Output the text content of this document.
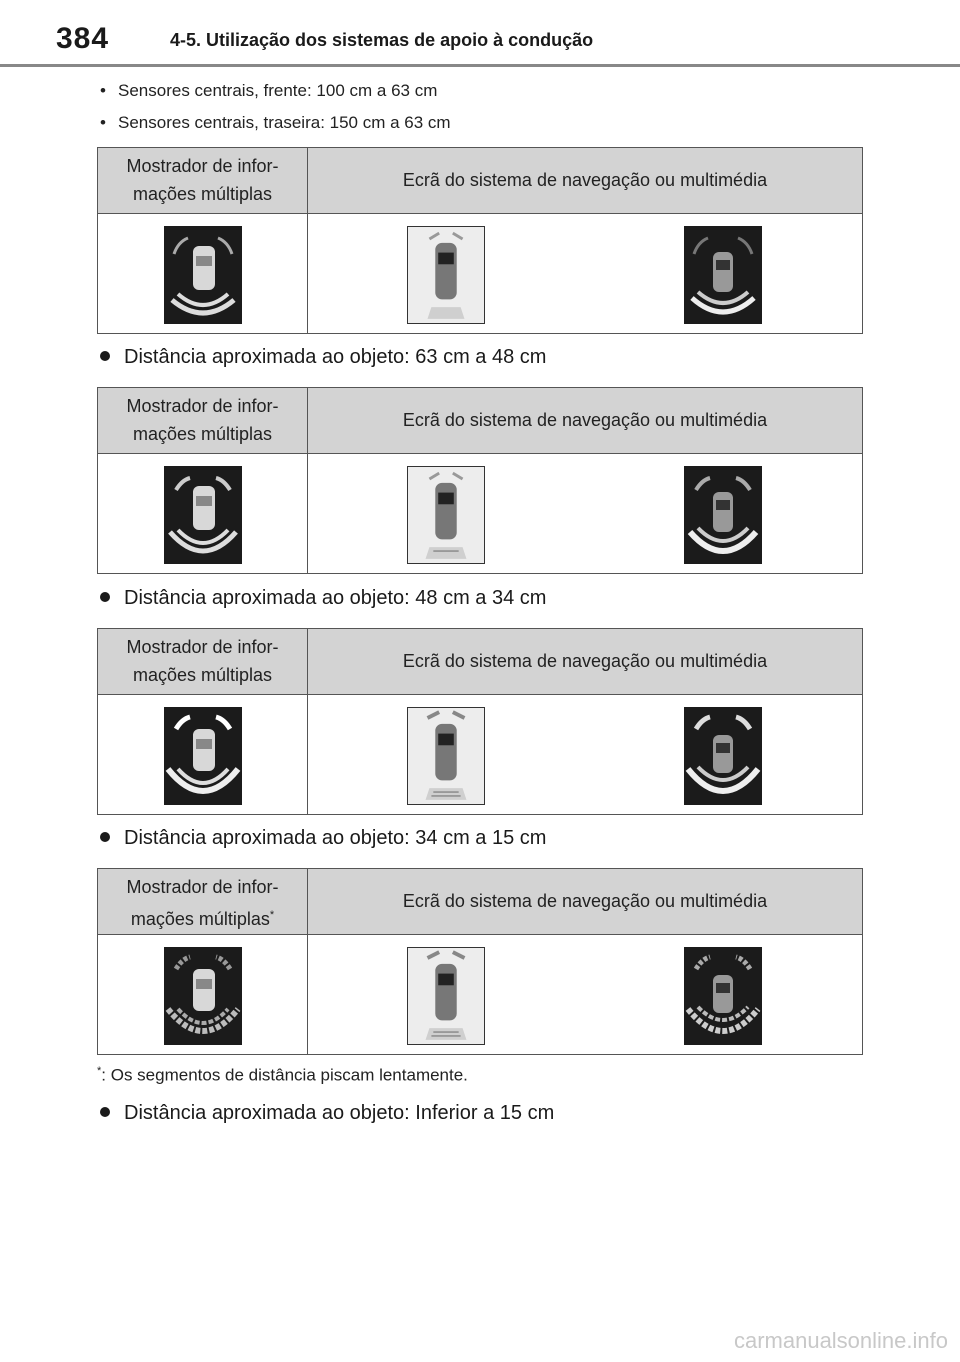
384	4-5. Utilização dos sistemas de apoio à condução
• Sensores centrais, frente: 100 cm a 63 cm
• Sensores centrais, traseira: 150 cm a 63 cm
Mostrador de infor-
mações múltiplas	Ecrã do sistema de navegação ou multimédia

Distância aproximada ao objeto: 63 cm a 48 cm
Mostrador de infor-
mações múltiplas	Ecrã do sistema de navegação ou multimédia

Distância aproximada ao objeto: 48 cm a 34 cm
Mostrador de infor-
mações múltiplas	Ecrã do sistema de navegação ou multimédia

Distância aproximada ao objeto: 34 cm a 15 cm
Mostrador de infor-
mações múltiplas*	Ecrã do sistema de navegação ou multimédia

*: Os segmentos de distância piscam lentamente.
Distância aproximada ao objeto: Inferior a 15 cm
carmanualsonline.info
